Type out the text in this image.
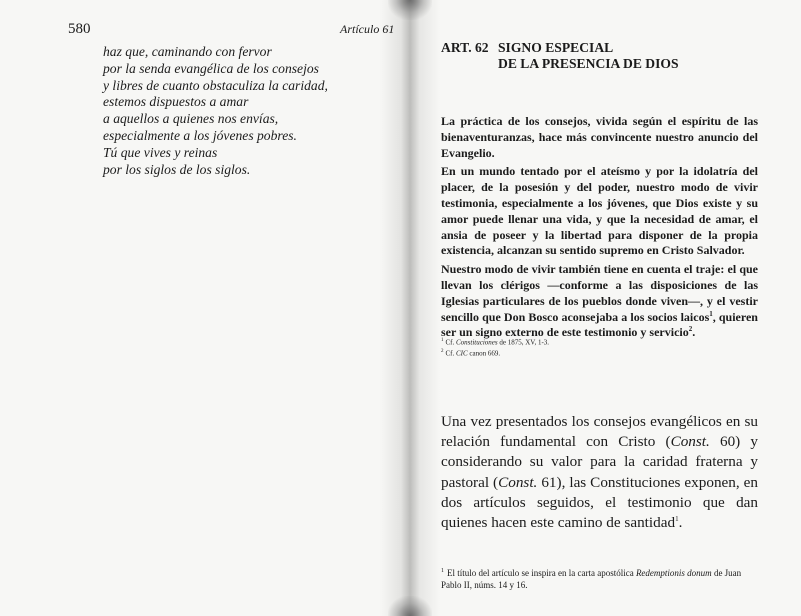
580	Artículo 61

haz que, caminando con fervor
por la senda evangélica de los consejos
y libres de cuanto obstaculiza la caridad,
estemos dispuestos a amar
a aquellos a quienes nos envías,
especialmente a los jóvenes pobres.
Tú que vives y reinas
por los siglos de los siglos.

ART. 62 SIGNO ESPECIAL
DE LA PRESENCIA DE DIOS

La práctica de los consejos, vivida según el espíritu de las bienaventuranzas, hace más convincente nuestro anuncio del Evangelio.

En un mundo tentado por el ateísmo y por la idolatría del placer, de la posesión y del poder, nuestro modo de vivir testimonia, especialmente a los jóvenes, que Dios existe y su amor puede llenar una vida, y que la necesidad de amar, el ansia de poseer y la libertad para disponer de la propia existencia, alcanzan su sentido supremo en Cristo Salvador.

Nuestro modo de vivir también tiene en cuenta el traje: el que llevan los clérigos —conforme a las disposiciones de las Iglesias particulares de los pueblos donde viven—, y el vestir sencillo que Don Bosco aconsejaba a los socios laicos$^1$, quieren ser un signo externo de este testimonio y servicio$^2$.

$^1$ Cf. Constituciones de 1875, XV, 1-3.
$^2$ Cf. CIC canon 669.
Una vez presentados los consejos evangélicos en su relación fundamental con Cristo (Const. 60) y considerando su valor para la caridad fraterna y pastoral (Const. 61), las Constituciones exponen, en dos artículos seguidos, el testimonio que dan quienes hacen este camino de santidad$^1$.
$^1$ El título del artículo se inspira en la carta apostólica Redemptionis donum de Juan Pablo II, núms. 14 y 16.
